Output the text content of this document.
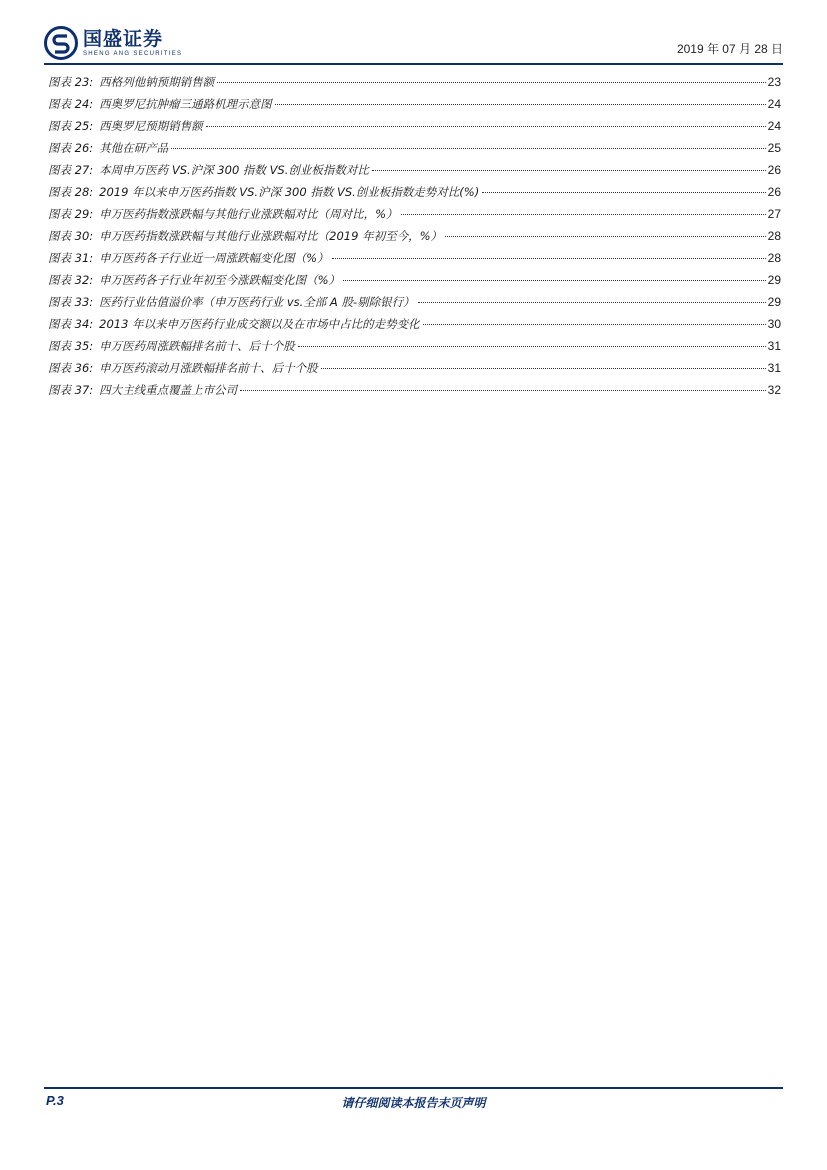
国盛证券
SHENG ANG SECURITIES	2019 年 07 月 28 日
图表 23: 西格列他钠预期销售额	23
图表 24: 西奥罗尼抗肿瘤三通路机理示意图	24
图表 25: 西奥罗尼预期销售额	24
图表 26: 其他在研产品	25
图表 27: 本周申万医药 VS.沪深 300 指数 VS.创业板指数对比	26
图表 28: 2019 年以来申万医药指数 VS.沪深 300 指数 VS.创业板指数走势对比(%)	26
图表 29: 申万医药指数涨跌幅与其他行业涨跌幅对比（周对比，%）	27
图表 30: 申万医药指数涨跌幅与其他行业涨跌幅对比（2019 年初至今，%）	28
图表 31: 申万医药各子行业近一周涨跌幅变化图（%）	28
图表 32: 申万医药各子行业年初至今涨跌幅变化图（%）	29
图表 33: 医药行业估值溢价率（申万医药行业 vs.全部 A 股-剔除银行）	29
图表 34: 2013 年以来申万医药行业成交额以及在市场中占比的走势变化	30
图表 35: 申万医药周涨跌幅排名前十、后十个股	31
图表 36: 申万医药滚动月涨跌幅排名前十、后十个股	31
图表 37: 四大主线重点覆盖上市公司	32
P.3	请仔细阅读本报告末页声明
